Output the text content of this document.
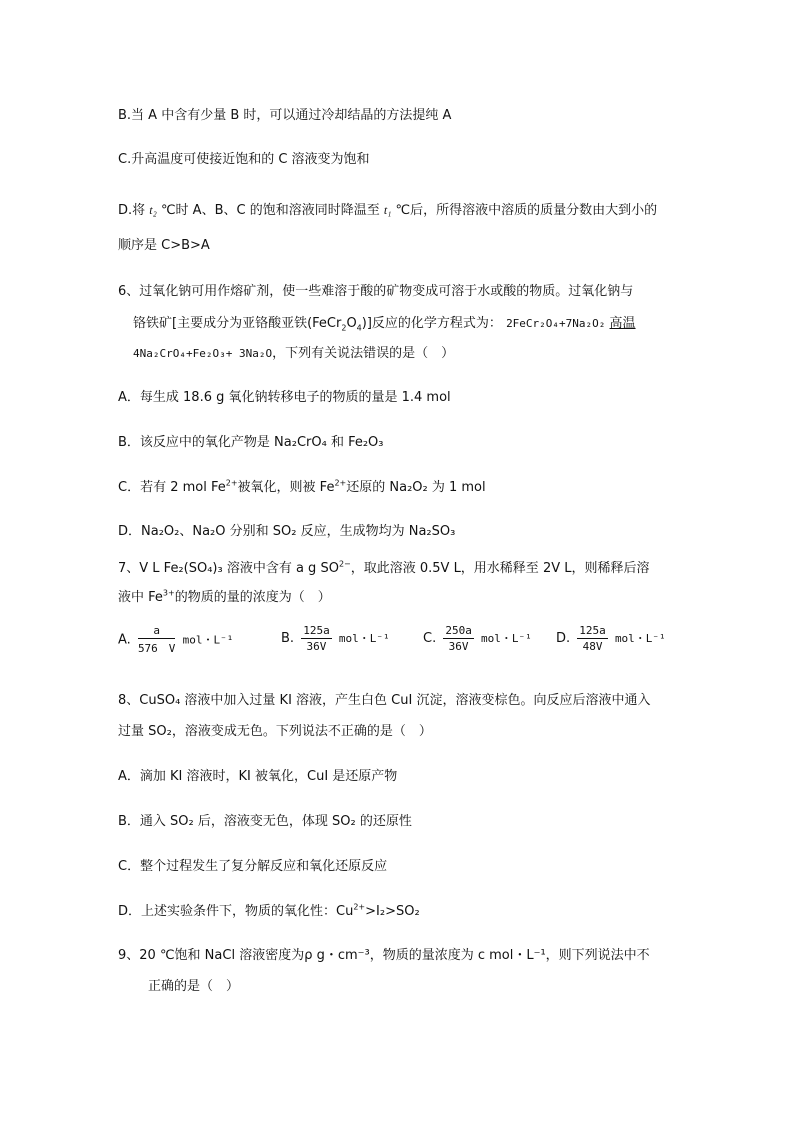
B.当 A 中含有少量 B 时，可以通过冷却结晶的方法提纯 A
C.升高温度可使接近饱和的 C 溶液变为饱和
D.将 t₂ ℃时 A、B、C 的饱和溶液同时降温至 t₁ ℃后，所得溶液中溶质的质量分数由大到小的
顺序是 C>B>A
6、过氧化钠可用作熔矿剂，使一些难溶于酸的矿物变成可溶于水或酸的物质。过氧化钠与
铬铁矿[主要成分为亚铬酸亚铁$(FeCr_2O_4)$]反应的化学方程式为： 2FeCr₂O₄+7Na₂O₂ 高温
4Na₂CrO₄+Fe₂O₃+ 3Na₂O，下列有关说法错误的是（　）
A．每生成 18.6 g 氧化钠转移电子的物质的量是 1.4 mol
B．该反应中的氧化产物是 Na₂CrO₄ 和 Fe₂O₃
C．若有 2 mol $Fe^{2+}$被氧化，则被 $Fe^{2+}$还原的 Na₂O₂ 为 1 mol
D．Na₂O₂、Na₂O 分别和 SO₂ 反应，生成物均为 Na₂SO₃
7、V L Fe₂(SO₄)₃ 溶液中含有 a g $SO^{2-}$，取此溶液 0.5V L，用水稀释至 2V L，则稀释后溶
液中 $Fe^{3+}$的物质的量的浓度为（　）
A. $\frac{a}{576 V}$ mol・L⁻¹	B. $\frac{125a}{36V}$ mol・L⁻¹	C. $\frac{250a}{36V}$ mol・L⁻¹ D. $\frac{125a}{48V}$ mol・L⁻¹
8、CuSO₄ 溶液中加入过量 KI 溶液，产生白色 CuI 沉淀，溶液变棕色。向反应后溶液中通入
过量 SO₂，溶液变成无色。下列说法不正确的是（　）
A．滴加 KI 溶液时，KI 被氧化，CuI 是还原产物
B．通入 SO₂ 后，溶液变无色，体现 SO₂ 的还原性
C．整个过程发生了复分解反应和氧化还原反应
D．上述实验条件下，物质的氧化性：$Cu^{2+}>I_2>SO_2$
9、20 ℃饱和 NaCl 溶液密度为ρ g・cm⁻³，物质的量浓度为 c mol・L⁻¹，则下列说法中不
正确的是（　）
